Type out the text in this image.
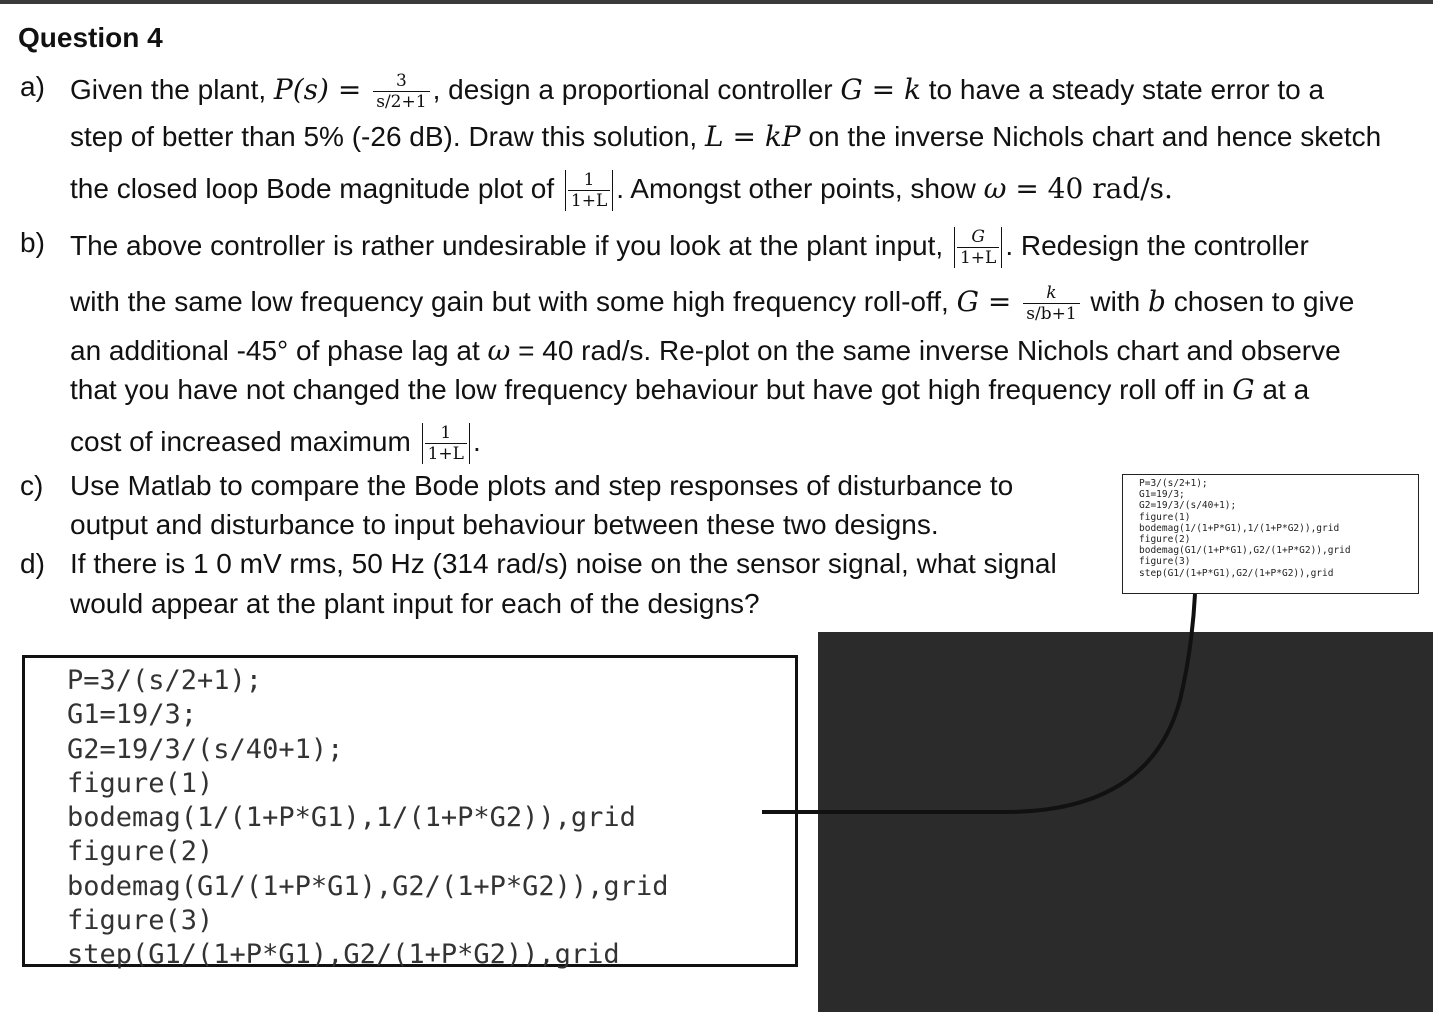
Question 4
a) Given the plant, $P(s) = \frac{3}{s/2+1}$ , design a proportional controller G = k to have a steady state error to a
step of better than 5% (-26 dB). Draw this solution, L = kP on the inverse Nichols chart and hence sketch
the closed loop Bode magnitude plot of $\frac{1}{1+L}$ . Amongst other points, show ω = 40 rad/s.
b) The above controller is rather undesirable if you look at the plant input, $\frac{G}{1+L}$ . Redesign the controller
with the same low frequency gain but with some high frequency roll-off, $G = \frac{k}{s/b+1}$ with b chosen to give
an additional -45° of phase lag at ω = 40 rad/s. Re-plot on the same inverse Nichols chart and observe
that you have not changed the low frequency behaviour but have got high frequency roll off in G at a
cost of increased maximum $\frac{1}{1+L}$ .
c) Use Matlab to compare the Bode plots and step responses of disturbance to
output and disturbance to input behaviour between these two designs.
d) If there is 1 0 mV rms, 50 Hz (314 rad/s) noise on the sensor signal, what signal
would appear at the plant input for each of the designs?
P=3/(s/2+1);
G1=19/3;
G2=19/3/(s/40+1);
figure(1)
bodemag(1/(1+P*G1),1/(1+P*G2)),grid
figure(2)
bodemag(G1/(1+P*G1),G2/(1+P*G2)),grid
figure(3)
step(G1/(1+P*G1),G2/(1+P*G2)),grid
P=3/(s/2+1);
G1=19/3;
G2=19/3/(s/40+1);
figure(1)
bodemag(1/(1+P*G1),1/(1+P*G2)),grid
figure(2)
bodemag(G1/(1+P*G1),G2/(1+P*G2)),grid
figure(3)
step(G1/(1+P*G1),G2/(1+P*G2)),grid
